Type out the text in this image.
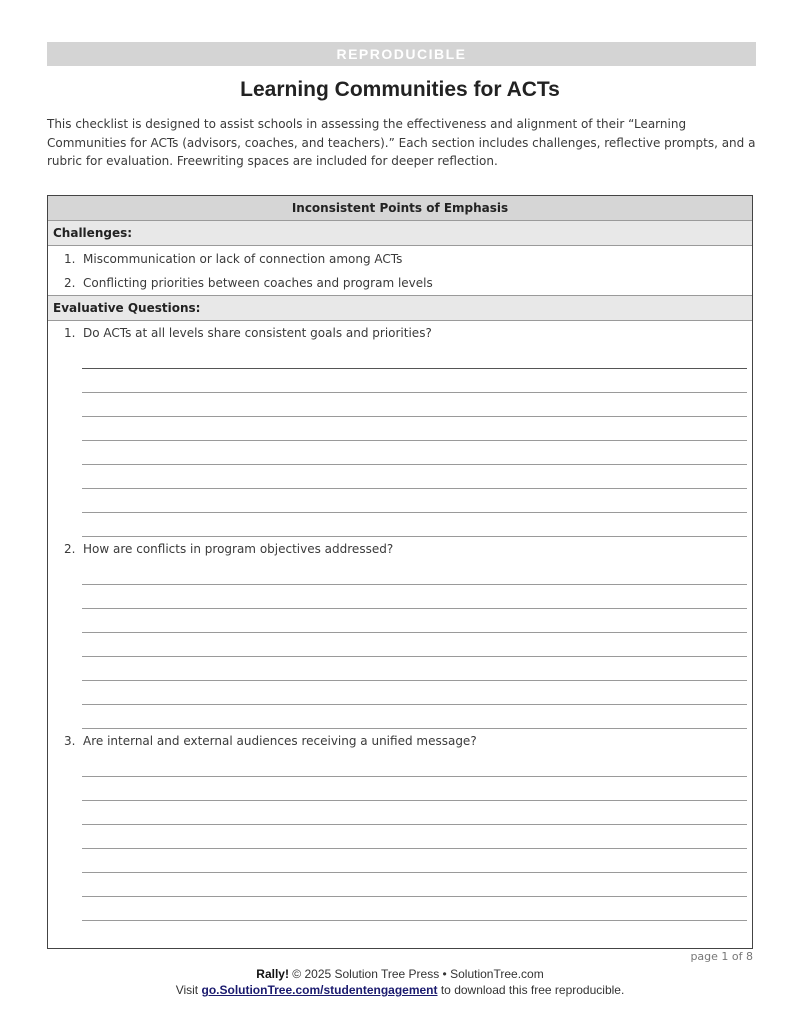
REPRODUCIBLE
Learning Communities for ACTs
This checklist is designed to assist schools in assessing the effectiveness and alignment of their “Learning Communities for ACTs (advisors, coaches, and teachers).” Each section includes challenges, reflective prompts, and a rubric for evaluation. Freewriting spaces are included for deeper reflection.
Inconsistent Points of Emphasis
Challenges:
1. Miscommunication or lack of connection among ACTs
2. Conflicting priorities between coaches and program levels
Evaluative Questions:
1. Do ACTs at all levels share consistent goals and priorities?
2. How are conflicts in program objectives addressed?
3. Are internal and external audiences receiving a unified message?
page 1 of 8
Rally! © 2025 Solution Tree Press • SolutionTree.com
Visit go.SolutionTree.com/studentengagement to download this free reproducible.
